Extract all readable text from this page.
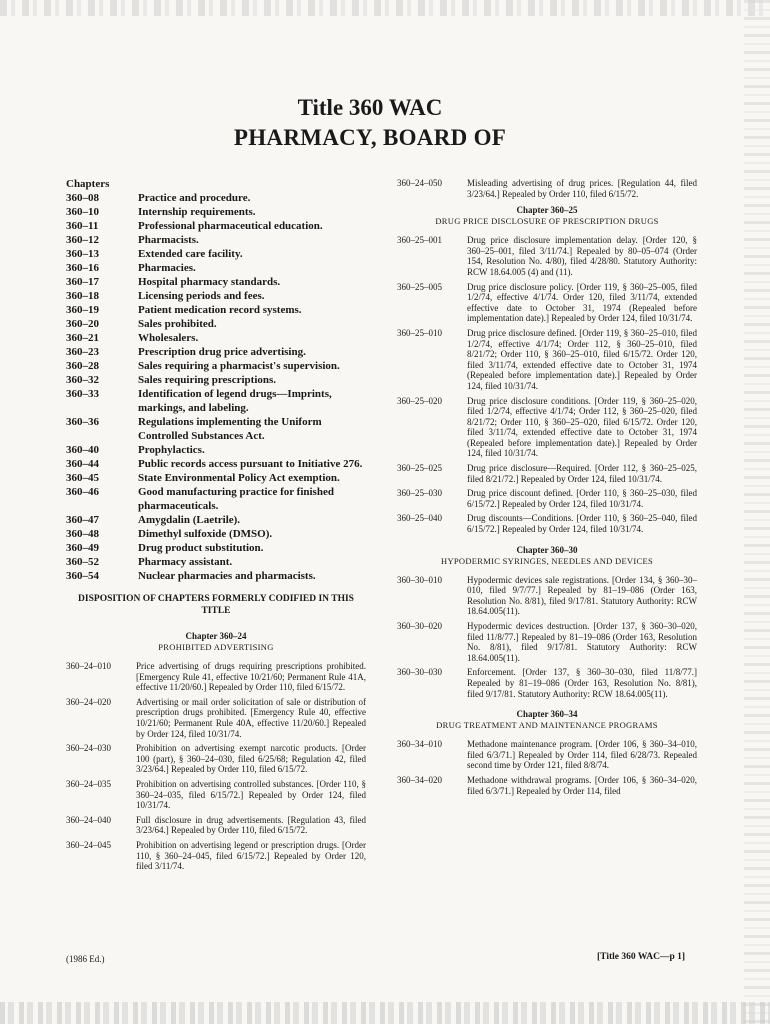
Title 360 WAC
PHARMACY, BOARD OF
Chapters
360–08	Practice and procedure.
360–10	Internship requirements.
360–11	Professional pharmaceutical education.
360–12	Pharmacists.
360–13	Extended care facility.
360–16	Pharmacies.
360–17	Hospital pharmacy standards.
360–18	Licensing periods and fees.
360–19	Patient medication record systems.
360–20	Sales prohibited.
360–21	Wholesalers.
360–23	Prescription drug price advertising.
360–28	Sales requiring a pharmacist's supervision.
360–32	Sales requiring prescriptions.
360–33	Identification of legend drugs—Imprints, markings, and labeling.
360–36	Regulations implementing the Uniform Controlled Substances Act.
360–40	Prophylactics.
360–44	Public records access pursuant to Initiative 276.
360–45	State Environmental Policy Act exemption.
360–46	Good manufacturing practice for finished pharmaceuticals.
360–47	Amygdalin (Laetrile).
360–48	Dimethyl sulfoxide (DMSO).
360–49	Drug product substitution.
360–52	Pharmacy assistant.
360–54	Nuclear pharmacies and pharmacists.
DISPOSITION OF CHAPTERS FORMERLY CODIFIED IN THIS TITLE
Chapter 360–24
PROHIBITED ADVERTISING
360–24–010	Price advertising of drugs requiring prescriptions prohibited. [Emergency Rule 41, effective 10/21/60; Permanent Rule 41A, effective 11/20/60.] Repealed by Order 110, filed 6/15/72.
360–24–020	Advertising or mail order solicitation of sale or distribution of prescription drugs prohibited. [Emergency Rule 40, effective 10/21/60; Permanent Rule 40A, effective 11/20/60.] Repealed by Order 124, filed 10/31/74.
360–24–030	Prohibition on advertising exempt narcotic products. [Order 100 (part), § 360–24–030, filed 6/25/68; Regulation 42, filed 3/23/64.] Repealed by Order 110, filed 6/15/72.
360–24–035	Prohibition on advertising controlled substances. [Order 110, § 360–24–035, filed 6/15/72.] Repealed by Order 124, filed 10/31/74.
360–24–040	Full disclosure in drug advertisements. [Regulation 43, filed 3/23/64.] Repealed by Order 110, filed 6/15/72.
360–24–045	Prohibition on advertising legend or prescription drugs. [Order 110, § 360–24–045, filed 6/15/72.] Repealed by Order 120, filed 3/11/74.
360–24–050	Misleading advertising of drug prices. [Regulation 44, filed 3/23/64.] Repealed by Order 110, filed 6/15/72.
Chapter 360–25
DRUG PRICE DISCLOSURE OF PRESCRIPTION DRUGS
360–25–001	Drug price disclosure implementation delay. [Order 120, § 360–25–001, filed 3/11/74.] Repealed by 80–05–074 (Order 154, Resolution No. 4/80), filed 4/28/80. Statutory Authority: RCW 18.64.005 (4) and (11).
360–25–005	Drug price disclosure policy. [Order 119, § 360–25–005, filed 1/2/74, effective 4/1/74. Order 120, filed 3/11/74, extended effective date to October 31, 1974 (Repealed before implementation date).] Repealed by Order 124, filed 10/31/74.
360–25–010	Drug price disclosure defined. [Order 119, § 360–25–010, filed 1/2/74, effective 4/1/74; Order 112, § 360–25–010, filed 8/21/72; Order 110, § 360–25–010, filed 6/15/72. Order 120, filed 3/11/74, extended effective date to October 31, 1974 (Repealed before implementation date).] Repealed by Order 124, filed 10/31/74.
360–25–020	Drug price disclosure conditions. [Order 119, § 360–25–020, filed 1/2/74, effective 4/1/74; Order 112, § 360–25–020, filed 8/21/72; Order 110, § 360–25–020, filed 6/15/72. Order 120, filed 3/11/74, extended effective date to October 31, 1974 (Repealed before implementation date).] Repealed by Order 124, filed 10/31/74.
360–25–025	Drug price disclosure—Required. [Order 112, § 360–25–025, filed 8/21/72.] Repealed by Order 124, filed 10/31/74.
360–25–030	Drug price discount defined. [Order 110, § 360–25–030, filed 6/15/72.] Repealed by Order 124, filed 10/31/74.
360–25–040	Drug discounts—Conditions. [Order 110, § 360–25–040, filed 6/15/72.] Repealed by Order 124, filed 10/31/74.
Chapter 360–30
HYPODERMIC SYRINGES, NEEDLES AND DEVICES
360–30–010	Hypodermic devices sale registrations. [Order 134, § 360–30–010, filed 9/7/77.] Repealed by 81–19–086 (Order 163, Resolution No. 8/81), filed 9/17/81. Statutory Authority: RCW 18.64.005(11).
360–30–020	Hypodermic devices destruction. [Order 137, § 360–30–020, filed 11/8/77.] Repealed by 81–19–086 (Order 163, Resolution No. 8/81), filed 9/17/81. Statutory Authority: RCW 18.64.005(11).
360–30–030	Enforcement. [Order 137, § 360–30–030, filed 11/8/77.] Repealed by 81–19–086 (Order 163, Resolution No. 8/81), filed 9/17/81. Statutory Authority: RCW 18.64.005(11).
Chapter 360–34
DRUG TREATMENT AND MAINTENANCE PROGRAMS
360–34–010	Methadone maintenance program. [Order 106, § 360–34–010, filed 6/3/71.] Repealed by Order 114, filed 6/28/73. Repealed second time by Order 121, filed 8/8/74.
360–34–020	Methadone withdrawal programs. [Order 106, § 360–34–020, filed 6/3/71.] Repealed by Order 114, filed
(1986 Ed.)	[Title 360 WAC—p 1]
